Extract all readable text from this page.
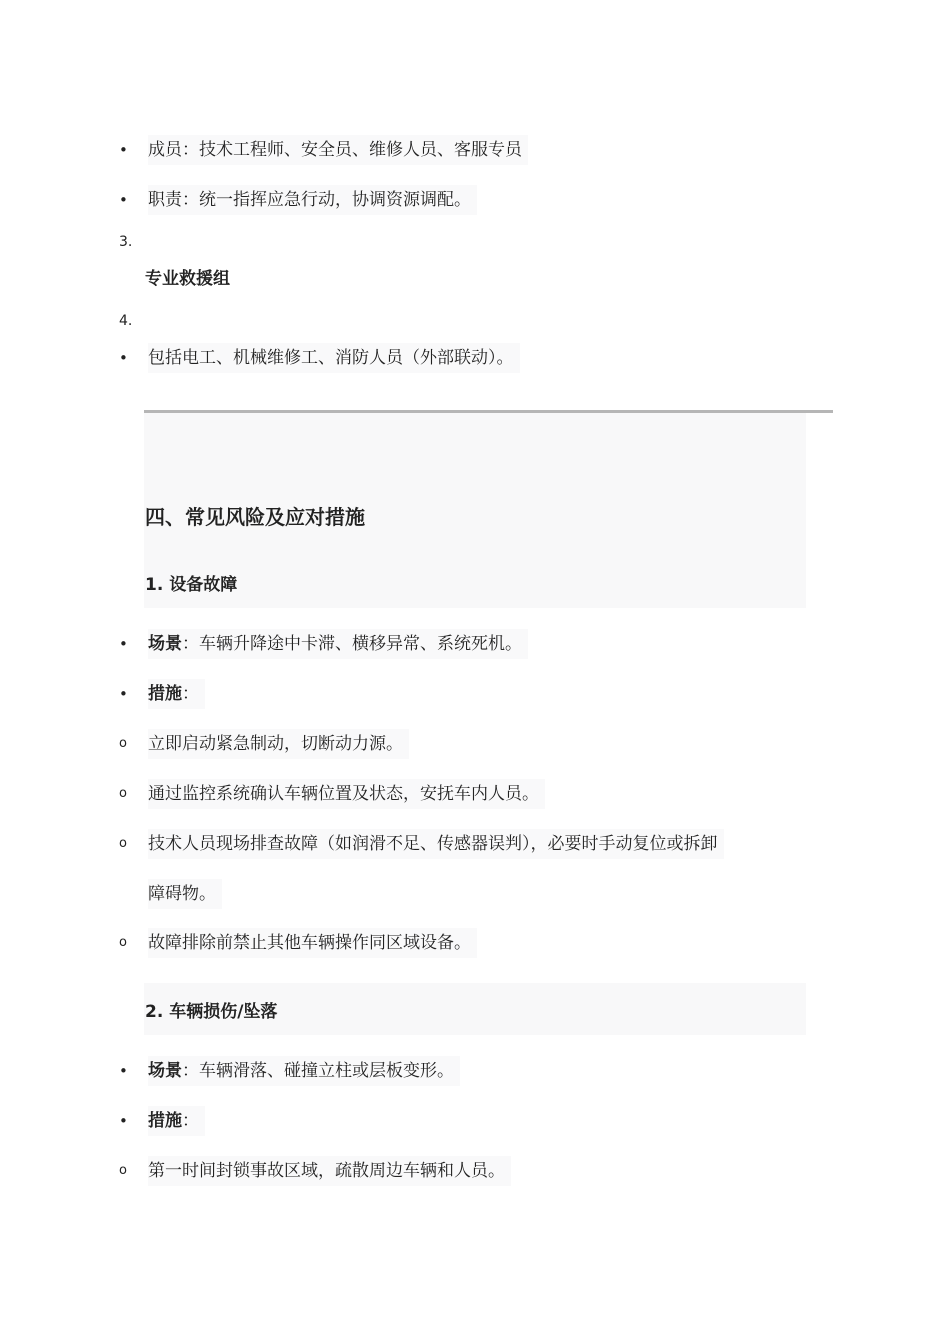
• 成员：技术工程师、安全员、维修人员、客服专员
• 职责：统一指挥应急行动，协调资源调配。
3.
专业救援组
4.
• 包括电工、机械维修工、消防人员（外部联动）。
四、常见风险及应对措施
1. 设备故障
• 场景：车辆升降途中卡滞、横移异常、系统死机。
• 措施：
o 立即启动紧急制动，切断动力源。
o 通过监控系统确认车辆位置及状态，安抚车内人员。
o 技术人员现场排查故障（如润滑不足、传感器误判），必要时手动复位或拆卸
障碍物。
o 故障排除前禁止其他车辆操作同区域设备。
2. 车辆损伤/坠落
• 场景：车辆滑落、碰撞立柱或层板变形。
• 措施：
o 第一时间封锁事故区域，疏散周边车辆和人员。
